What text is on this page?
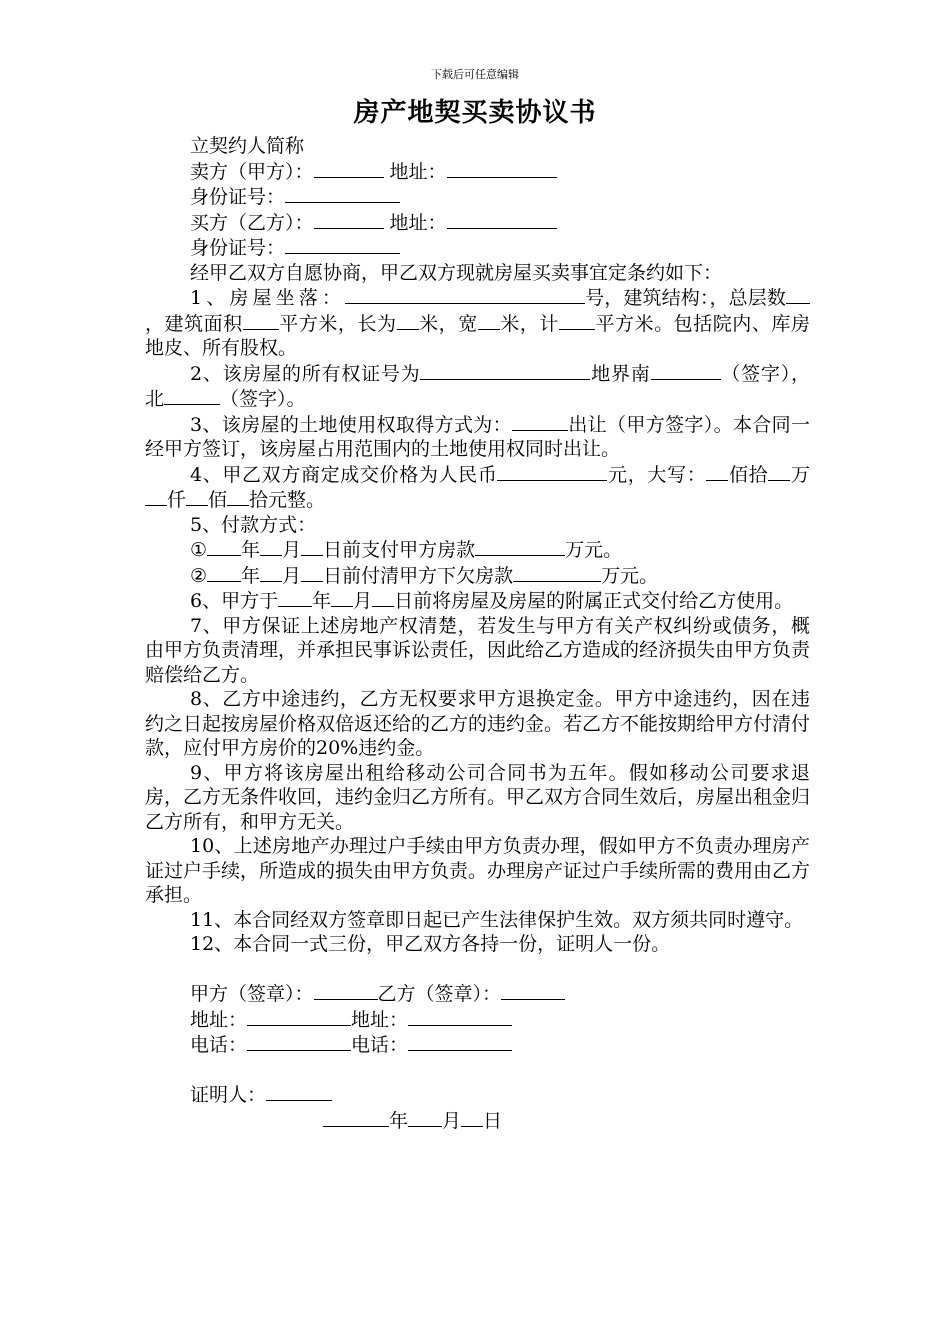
下载后可任意编辑
房产地契买卖协议书

立契约人简称

卖方（甲方）：	地址：

身份证号：

买方（乙方）：	地址：

身份证号：

经甲乙双方自愿协商，甲乙双方现就房屋买卖事宜定条约如下：

1、房屋坐落：	号，建筑结构：，总层数，建筑面积 平方米，长为 米，宽 米，计 平方米。包括院内、库房地皮、所有股权。

2、该房屋的所有权证号为	地界南	（签字），北	（签字）。

3、该房屋的土地使用权取得方式为：	出让（甲方签字）。本合同一经甲方签订，该房屋占用范围内的土地使用权同时出让。

4、甲乙双方商定成交价格为人民币	元，大写： 佰拾 万仟 佰 拾元整。

5、付款方式：

① 年 月 日前支付甲方房款	万元。

② 年 月 日前付清甲方下欠房款	万元。

6、甲方于 年 月 日前将房屋及房屋的附属正式交付给乙方使用。

7、甲方保证上述房地产权清楚，若发生与甲方有关产权纠纷或债务，概由甲方负责清理，并承担民事诉讼责任，因此给乙方造成的经济损失由甲方负责赔偿给乙方。

8、乙方中途违约，乙方无权要求甲方退换定金。甲方中途违约，因在违约之日起按房屋价格双倍返还给的乙方的违约金。若乙方不能按期给甲方付清付款，应付甲方房价的20%违约金。

9、甲方将该房屋出租给移动公司合同书为五年。假如移动公司要求退房，乙方无条件收回，违约金归乙方所有。甲乙双方合同生效后，房屋出租金归乙方所有，和甲方无关。

10、上述房地产办理过户手续由甲方负责办理，假如甲方不负责办理房产证过户手续，所造成的损失由甲方负责。办理房产证过户手续所需的费用由乙方承担。

11、本合同经双方签章即日起已产生法律保护生效。双方须共同时遵守。

12、本合同一式三份，甲乙双方各持一份，证明人一份。

甲方（签章）：	乙方（签章）：

地址：	地址：

电话：	电话：

证明人：

年 月 日
